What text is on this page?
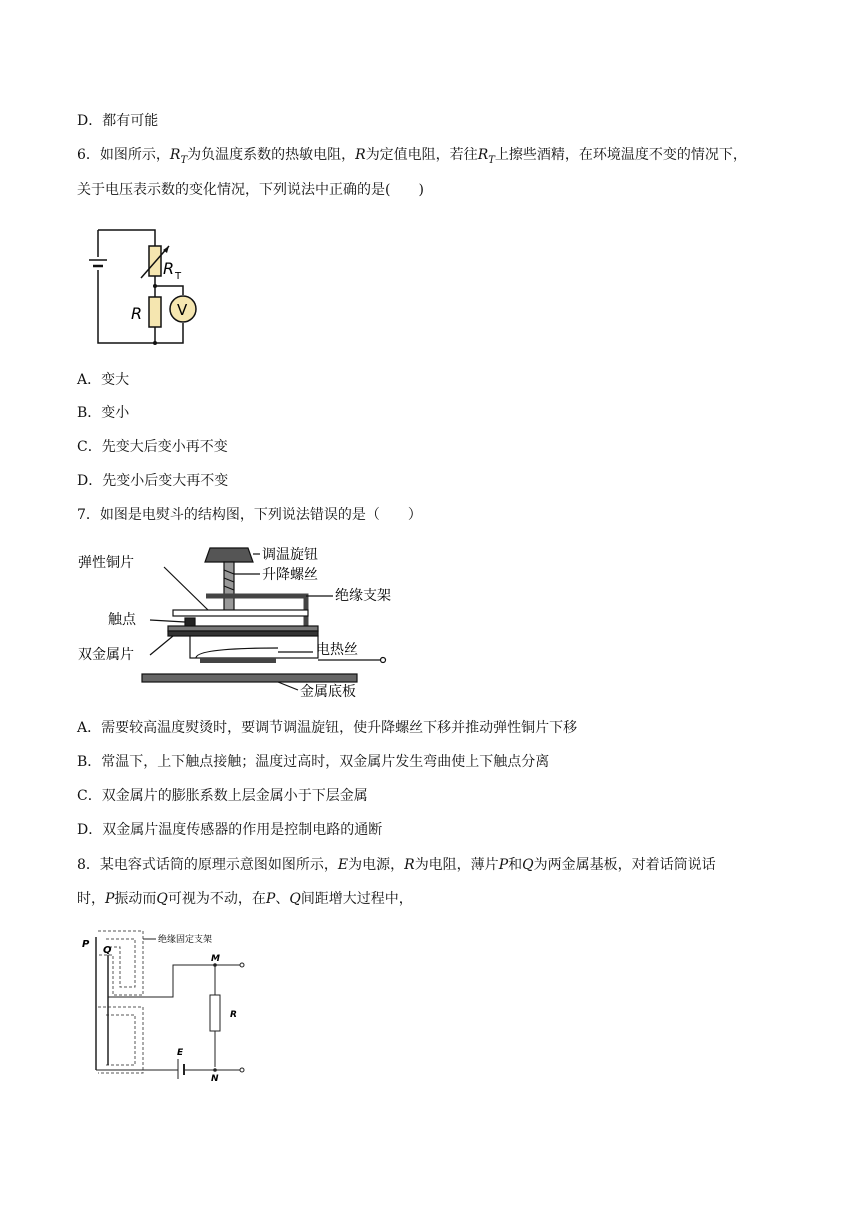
D．都有可能
6．如图所示，$R_T$为负温度系数的热敏电阻，R为定值电阻，若往$R_T$上擦些酒精，在环境温度不变的情况下，
关于电压表示数的变化情况，下列说法中正确的是(　　)
R T
R V
A．变大
B．变小
C．先变大后变小再不变
D．先变小后变大再不变
7．如图是电熨斗的结构图，下列说法错误的是（　　）
调温旋钮
升降螺丝
绝缘支架
弹性铜片
触点
双金属片	电热丝
金属底板
A．需要较高温度熨烫时，要调节调温旋钮，使升降螺丝下移并推动弹性铜片下移
B．常温下，上下触点接触；温度过高时，双金属片发生弯曲使上下触点分离
C．双金属片的膨胀系数上层金属小于下层金属
D．双金属片温度传感器的作用是控制电路的通断
8．某电容式话筒的原理示意图如图所示，E为电源，R为电阻，薄片P和Q为两金属基板，对着话筒说话
时，P振动而Q可视为不动，在P、Q间距增大过程中，
P
Q
绝缘固定支架
M
R
E
N
